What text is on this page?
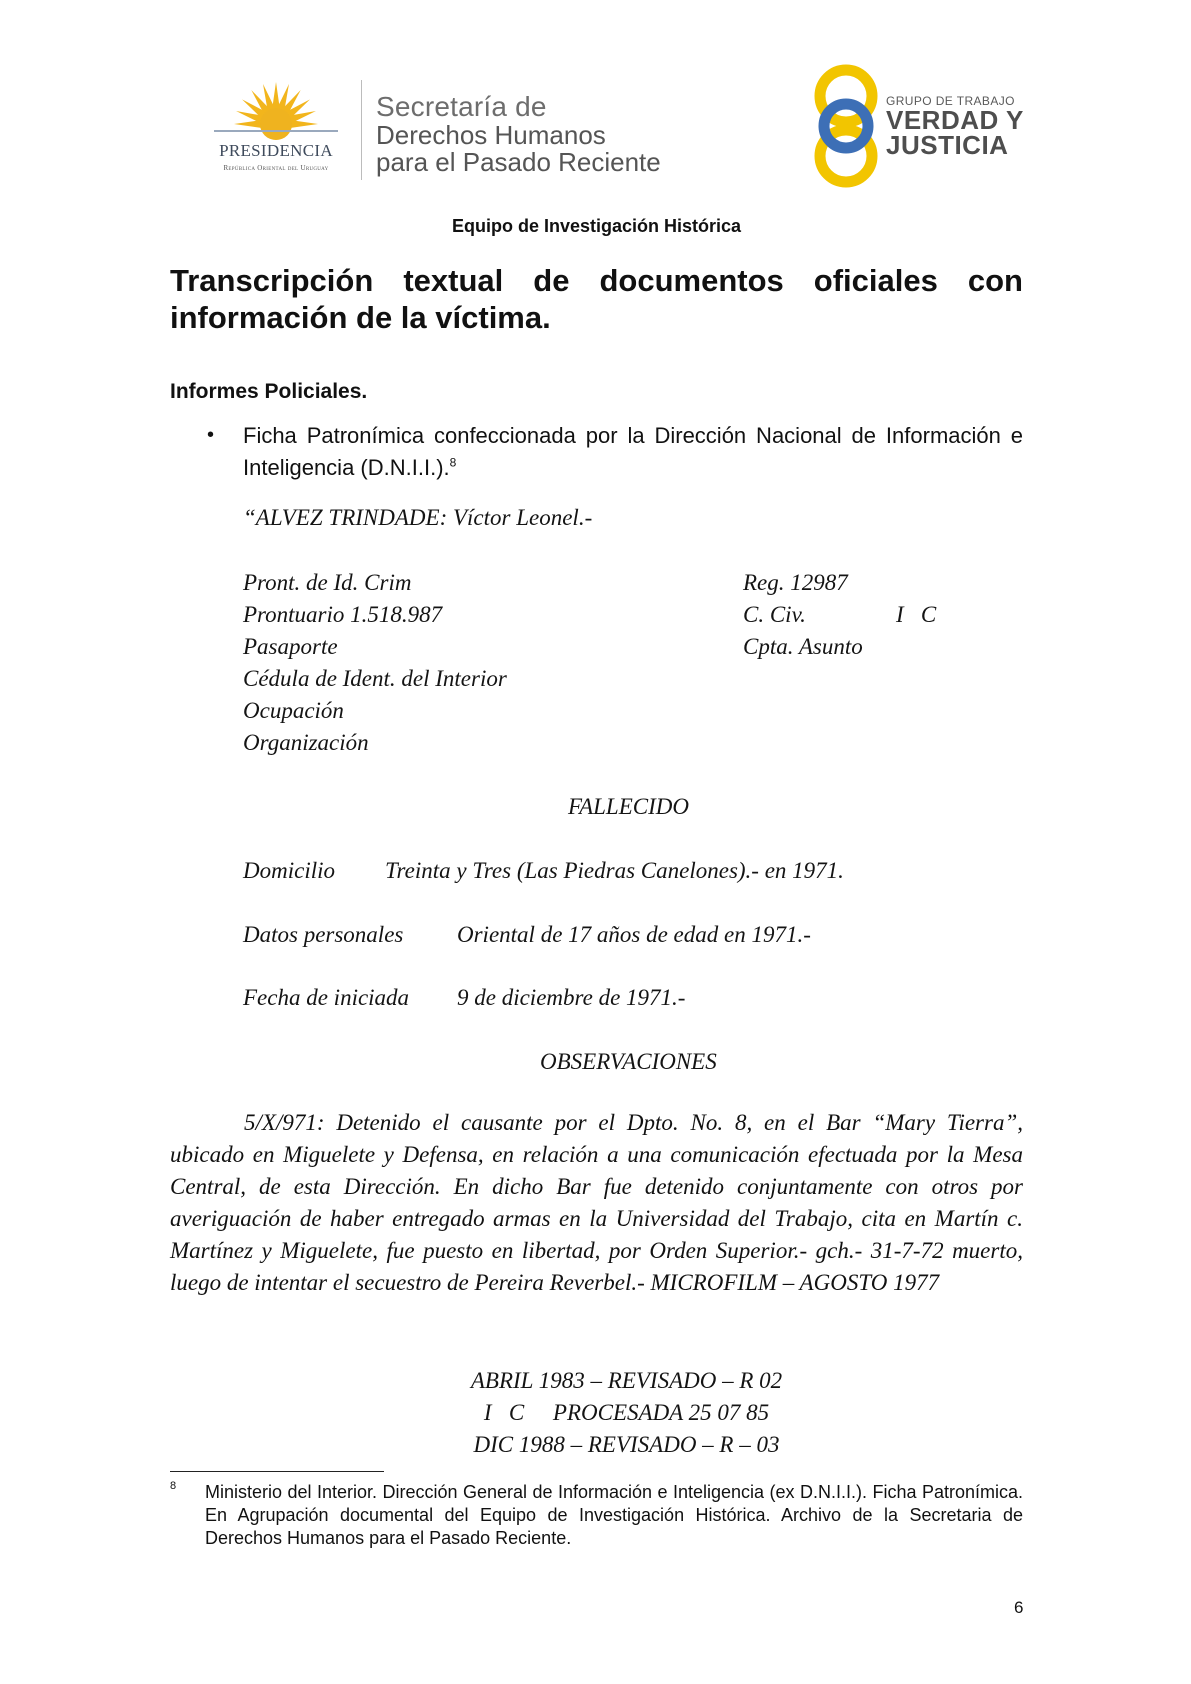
PRESIDENCIA
República Oriental del Uruguay
Secretaría de
Derechos Humanos
para el Pasado Reciente
GRUPO DE TRABAJO
VERDAD Y
JUSTICIA
Equipo de Investigación Histórica
Transcripción textual de documentos oficiales con información de la víctima.
Informes Policiales.
• Ficha Patronímica confeccionada por la Dirección Nacional de Información e Inteligencia (D.N.I.I.).$^8$
“ALVEZ TRINDADE: Víctor Leonel.-
Pront. de Id. Crim
Prontuario 1.518.987
Pasaporte
Cédula de Ident. del Interior
Ocupación
Organización
Reg. 12987
C. Civ.	I   C
Cpta. Asunto
FALLECIDO
Domicilio Treinta y Tres (Las Piedras Canelones).- en 1971.
Datos personales Oriental de 17 años de edad en 1971.-
Fecha de iniciada 9 de diciembre de 1971.-
OBSERVACIONES
5/X/971: Detenido el causante por el Dpto. No. 8, en el Bar “Mary Tierra”, ubicado en Miguelete y Defensa, en relación a una comunicación efectuada por la Mesa Central, de esta Dirección. En dicho Bar fue detenido conjuntamente con otros por averiguación de haber entregado armas en la Universidad del Trabajo, cita en Martín c. Martínez y Miguelete, fue puesto en libertad, por Orden Superior.- gch.- 31-7-72 muerto, luego de intentar el secuestro de Pereira Reverbel.- MICROFILM – AGOSTO 1977
ABRIL 1983 – REVISADO – R 02
I   C     PROCESADA 25 07 85
DIC 1988 – REVISADO – R – 03
8 Ministerio del Interior. Dirección General de Información e Inteligencia (ex D.N.I.I.). Ficha Patronímica. En Agrupación documental del Equipo de Investigación Histórica. Archivo de la Secretaria de Derechos Humanos para el Pasado Reciente.
6
